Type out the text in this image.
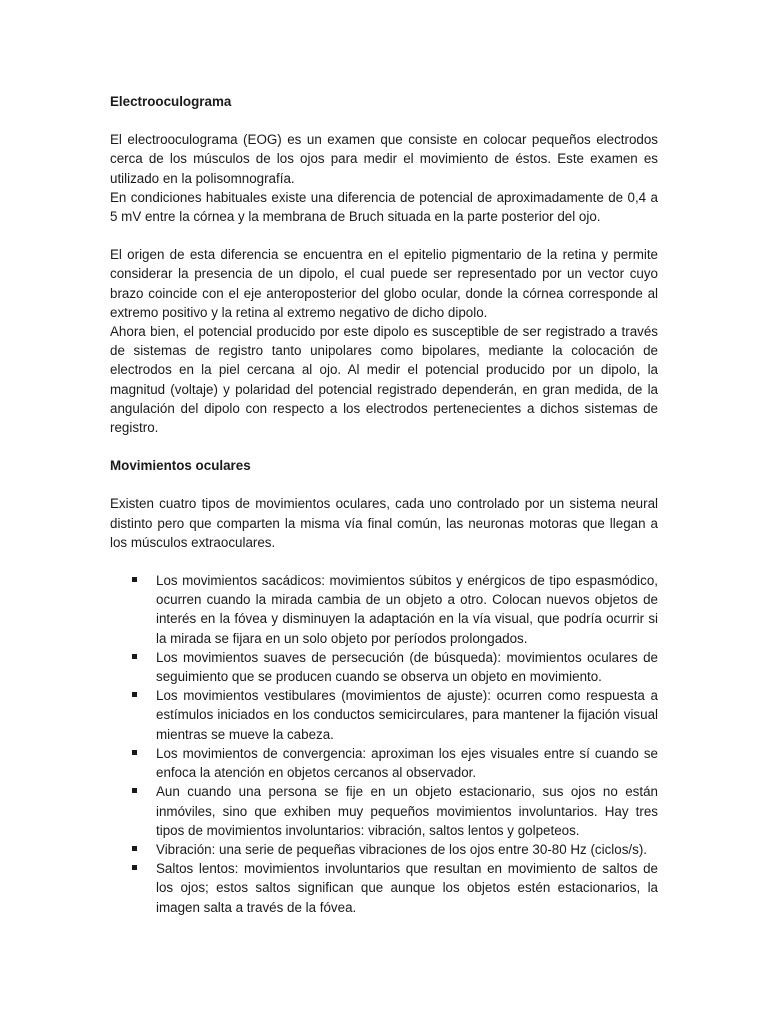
Electrooculograma

El electrooculograma (EOG) es un examen que consiste en colocar pequeños electrodos cerca de los músculos de los ojos para medir el movimiento de éstos. Este examen es utilizado en la polisomnografía.

En condiciones habituales existe una diferencia de potencial de aproximadamente de 0,4 a 5 mV entre la córnea y la membrana de Bruch situada en la parte posterior del ojo.

El origen de esta diferencia se encuentra en el epitelio pigmentario de la retina y permite considerar la presencia de un dipolo, el cual puede ser representado por un vector cuyo brazo coincide con el eje anteroposterior del globo ocular, donde la córnea corresponde al extremo positivo y la retina al extremo negativo de dicho dipolo.

Ahora bien, el potencial producido por este dipolo es susceptible de ser registrado a través de sistemas de registro tanto unipolares como bipolares, mediante la colocación de electrodos en la piel cercana al ojo. Al medir el potencial producido por un dipolo, la magnitud (voltaje) y polaridad del potencial registrado dependerán, en gran medida, de la angulación del dipolo con respecto a los electrodos pertenecientes a dichos sistemas de registro.

Movimientos oculares

Existen cuatro tipos de movimientos oculares, cada uno controlado por un sistema neural distinto pero que comparten la misma vía final común, las neuronas motoras que llegan a los músculos extraoculares.

Los movimientos sacádicos: movimientos súbitos y enérgicos de tipo espasmódico, ocurren cuando la mirada cambia de un objeto a otro. Colocan nuevos objetos de interés en la fóvea y disminuyen la adaptación en la vía visual, que podría ocurrir si la mirada se fijara en un solo objeto por períodos prolongados.
Los movimientos suaves de persecución (de búsqueda): movimientos oculares de seguimiento que se producen cuando se observa un objeto en movimiento.
Los movimientos vestibulares (movimientos de ajuste): ocurren como respuesta a estímulos iniciados en los conductos semicirculares, para mantener la fijación visual mientras se mueve la cabeza.
Los movimientos de convergencia: aproximan los ejes visuales entre sí cuando se enfoca la atención en objetos cercanos al observador.
Aun cuando una persona se fije en un objeto estacionario, sus ojos no están inmóviles, sino que exhiben muy pequeños movimientos involuntarios. Hay tres tipos de movimientos involuntarios: vibración, saltos lentos y golpeteos.
Vibración: una serie de pequeñas vibraciones de los ojos entre 30-80 Hz (ciclos/s).
Saltos lentos: movimientos involuntarios que resultan en movimiento de saltos de los ojos; estos saltos significan que aunque los objetos estén estacionarios, la imagen salta a través de la fóvea.
